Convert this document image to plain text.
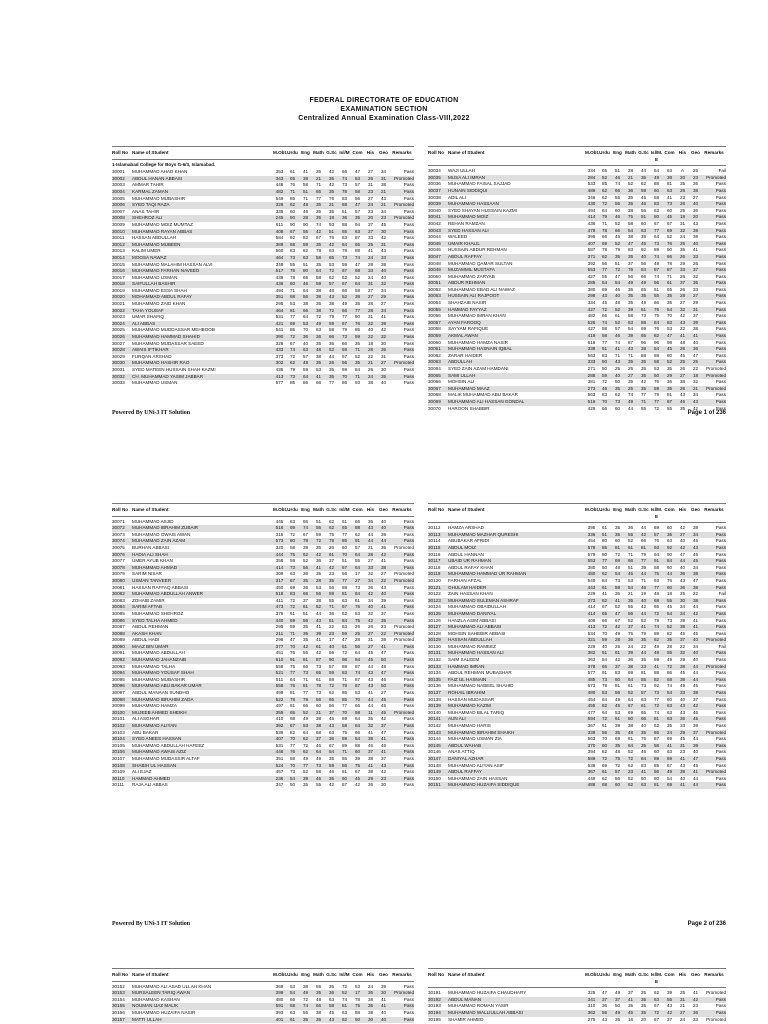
FEDERAL DIRECTORATE OF EDUCATION
EXAMINATION SECTION
Centralized Annual Examination Class-VIII,2022
Roll No Name of Student	M.Obt. Urdu Eng Math G.Sc Isl/M Com His	Geo Remarks
1-Islamabad College for Boys G-6/3, Islamabad.
30001	MUHAMMAD AHAD KHAN	353	61	41	35	42	66	47	27	34	Pass
30002	ABDUL HANAN ABBASI	343	65	38	21	35	74	53	26	31	Promoted
30003	AMMAR TAHIR	446	76	58	71	42	73	57	31	38	Pass
30004	KARMAL ZAMAN	482	71	51	65	35	78	58	23	21	Pass
30005	MUHAMMAD MUBASHIR	549	85	71	77	76	83	56	27	43	Pass
30006	SYED TAQI RAZA	326	62	48	35	21	68	47	24	21	Promoted
30007	ANAS TAHIR	335	60	46	35	35	51	57	23	34	Pass
30008	SHEHROZ ALI	245	50	28	35	18	36	35	20	23	Promoted
30009	MUHAMMAD MOIZ MUMTAZ	611	90	90	74	93	88	94	37	45	Pass
30010	MUHAMMAD RAYAN ABBAS	408	67	55	42	51	65	63	27	30	Pass
30011	HASSAN ABDULLAH	584	92	82	67	76	83	87	33	42	Pass
30012	MUHAMMAD MUBEEN	389	68	59	35	42	64	65	25	31	Pass
30013	KALIM UMER	560	83	82	78	63	78	88	41	43	Pass
30014	MOOSA NAWAZ	464	73	63	58	65	73	74	24	33	Pass
30015	MUHAMMAD MALAHIM HASSAN ALVI	349	55	51	35	53	59	47	28	38	Pass
30016	MUHAMMAD FARHAN NAVEED	517	75	80	64	72	67	68	33	40	Pass
30017	MUHAMMAD USMAN	439	78	65	58	62	62	52	24	40	Pass
30018	SAIFULLAH BASHIR	436	80	46	59	57	67	64	31	32	Pass
30019	MUHAMMAD ESSA SHAH	494	71	64	38	48	66	58	27	34	Pass
30020	MOHAMMAD ABDUL RAFAY	351	68	56	38	43	52	38	27	29	Pass
30021	MUHAMMAD ZAID KHAN	295	53	38	35	38	49	35	28	27	Pass
30022	TAHA YOUSAF	464	81	66	38	72	66	77	28	34	Pass
30023	UMAR SHAFIQ	531	77	64	72	79	77	90	31	41	Pass
30024	ALI ABBAS	421	69	53	49	59	67	76	22	39	Pass
30025	MUHAMMAD MUDDASSAR MEHBOOB	541	85	70	63	58	79	85	40	42	Pass
30026	MUHAMMAD HAMMAD SHAHID	390	72	36	36	66	73	59	22	32	Pass
30027	MUHAMMAD MUDASSAR SAEED	326	67	40	35	35	66	35	18	30	Pass
30028	AWAIS IFTIKHAR	433	74	63	48	52	69	71	28	35	Pass
30029	FURQAN ARSHAD	373	72	57	38	44	57	52	22	31	Pass
30030	MUHAMMAD HASHIR RAO	302	62	48	35	26	56	35	21	27	Promoted
30031	SYED MATEEN HUSSAIN SHAH KAZMI	435	79	59	53	35	69	84	26	30	Pass
30032	CH. MUHAMMAD YASIM JABBAR	413	73	64	41	35	70	71	24	35	Pass
30033	MUHAMMAD USMAN	577	85	86	66	77	86	93	38	40	Pass
Roll No Name of Student	M.Obt. Urdu Eng Math G.Sc Isl/M. E
Com His	Geo Remarks
30034	WAJI ULLAH	334	65	51	28	44	54	63	A	25	Fail
30035	MUSA ALI IMRAN	284	52	46	21	35	49	38	20	23	Promoted
30036	MUHAMMAD FAISAL SAJJAD	533	85	74	52	62	88	81	35	36	Pass
30037	HUNAIN SIDDIQUI	489	62	66	36	59	60	63	25	38	Pass
30038	ADIL ALI	346	62	55	35	45	58	41	23	27	Pass
30039	MUHAMMAD HASSAAN	430	72	55	35	46	83	73	26	40	Pass
30040	SYED SHAYAN HUSSAIN KAZMI	494	64	60	38	56	63	60	25	36	Pass
30041	MUHAMMAD MOIZ	414	79	46	75	51	80	45	18	20	Pass
30042	REHAN RAMZAN	436	71	52	58	60	67	67	31	43	Pass
30043	SYED HASSAN ALI	478	78	66	54	63	77	69	32	39	Pass
30044	WALEED	395	66	45	38	35	64	52	24	38	Pass
30045	UMAIR KHALIL	407	69	52	47	45	73	76	25	40	Pass
30046	HUSSAIN ABDUR REHMAN	587	78	79	83	92	89	90	35	41	Pass
30047	ABDUL RAFFAY	371	62	35	35	40	74	66	26	33	Pass
30048	MUHAMMAD QAMAR SULTAN	392	56	51	37	56	49	78	29	26	Pass
30049	MUZAMMIL MUSTAFA	553	77	72	76	84	87	87	33	37	Pass
30050	MUHAMMAD ZARYAB	427	55	47	56	66	74	71	26	32	Pass
30051	ABDUR REHMAN	285	54	54	49	49	56	61	37	35	Pass
30052	MUHAMMAD EBAD ALI NAWAZ	380	69	46	35	65	61	65	26	33	Pass
30053	HUSSAIN ALI RAJPOOT	298	43	40	35	35	55	35	28	27	Pass
30054	SHAHZAIB NASIR	334	45	48	35	49	66	35	27	29	Pass
30055	HAMMAD FAYYAZ	427	72	52	39	61	76	54	32	31	Pass
30056	MUHAMMAD IMRAN KHAN	482	66	61	58	73	75	70	42	37	Pass
30057	AYAN FAROOQ	526	74	52	63	88	84	83	43	39	Pass
30058	SAYYAM RAFIQUE	427	58	57	54	69	76	53	22	38	Pass
30059	AKMAL AWAN	419	58	46	39	65	82	47	41	41	Pass
30060	MUHAMMAD HAMZA NASIR	616	77	74	87	96	96	98	48	40	Pass
30061	MUHAMMAD HASNAIN IQBAL	338	51	41	43	38	54	45	26	36	Pass
30062	ZARAR HAIDER	563	83	71	71	88	88	80	45	47	Pass
30063	ABDULLAH	333	50	43	35	35	58	52	25	25	Pass
30064	SYED ZAIN AZAM HAMDANI	271	50	25	25	35	53	35	26	22	Promoted
30065	SAMI ULLAH	288	59	40	27	35	50	29	27	18	Promoted
30066	MOHSIN ALI	381	72	50	35	42	76	36	38	32	Pass
30067	MUHAMMAD MAAZ	273	46	35	25	35	59	35	26	21	Promoted
30068	MALIK MUHAMMAD ABU BAKAR	563	83	62	74	77	79	81	43	34	Pass
30069	MUHAMMAD ALI HASSAN GONDAL	516	70	73	49	71	77	87	46	43	Pass
30070	HAROON SHABBIR	429	66	60	44	55	72	55	35	42	Pass
Powered By UNi-3 IT Solution	Page 1 of 236
Roll No Name of Student	M.Obt. Urdu Eng Math G.Sc Isl/M Com His	Geo Remarks
30071	MUHAMMAD ASJID	445	63	66	51	62	61	66	36	40	Pass
30072	MUHAMMAD IBRAHIM ZUBAIR	516	69	74	55	62	65	88	43	40	Pass
30073	MUHAMMAD OWAIS AWAN	315	72	67	59	75	77	62	44	39	Pass
30074	MUHAMMAD ZAIN AZAM	573	80	78	72	78	85	91	44	44	Pass
30075	BURHAN ABBASI	320	58	39	35	26	60	57	21	35	Promoted
30076	HADIA ALI SHAH	444	75	62	42	61	70	64	28	42	Pass
30077	UMER AYUB KHAN	358	59	52	36	37	51	55	27	41	Pass
30078	MUHAMMAD AHMAD	414	73	56	41	42	67	64	33	38	Pass
30079	SARIM NISAR	309	63	36	35	23	56	17	32	27	Promoted
30080	USMAN TANVEER	317	67	35	28	35	77	27	34	22	Promoted
30081	HASSAN RAFFAQ ABBASI	450	69	36	53	56	88	73	36	43	Pass
30082	MUHAMMAD ABDULLAH ANWER	518	83	66	56	59	81	84	42	40	Pass
30083	ZOHAIB ZAMIR	411	72	37	38	55	63	61	34	39	Pass
30084	SARIM AFTAB	473	72	61	52	71	67	75	40	41	Pass
30085	MUHAMMAD SHEHROZ	376	61	51	44	36	62	53	32	37	Pass
30086	SYED TALHA AHMED	440	69	56	43	51	84	75	42	35	Pass
30087	ABDUL REHMAN	295	59	35	41	22	63	26	26	23	Promoted
30088	AKASH KHAN	211	71	35	39	23	59	25	27	22	Promoted
30089	ABDUL HADI	296	47	35	41	17	47	28	31	39	Promoted
30090	MAAZ BIN UMAR	377	70	42	61	40	51	56	27	41	Pass
30091	MUHAMMAD ABDULLAH	451	75	55	42	56	72	64	45	47	Pass
30092	MUHAMMAD JAHANZAIB	610	91	81	87	90	98	94	45	50	Pass
30093	MUHAMMAD TALHA	558	75	66	73	57	88	87	44	48	Pass
30094	MUHAMMAD YOUSAF SHAH	521	77	73	65	59	83	74	43	47	Pass
30095	MUHAMMAD MUBASHIR	511	64	71	61	68	71	87	43	46	Pass
30096	MUHAMMAD ABU BAKAR UMAR	558	76	81	78	72	79	67	43	50	Pass
30097	ABDUL MANAAN SUNDHO	499	81	77	73	62	85	53	41	27	Pass
30098	MUHAMMAD IBRAHIM ZADA	522	78	79	56	65	85	70	44	45	Pass
30099	MUHAMMAD HAMZA	497	81	66	60	56	77	66	44	45	Pass
30100	MUJEEB AHMED SHEIKH	359	65	52	21	37	70	58	11	45	Promoted
30101	ALI ASGHAR	410	68	49	38	45	69	64	35	42	Pass
30102	MUHAMMAD ALIYAN	392	67	53	38	43	58	64	32	37	Pass
30103	ABU BAKAR	536	82	64	68	63	75	66	41	47	Pass
30104	SYED ANEES HASSAN	407	70	62	37	36	69	54	38	41	Pass
30105	MUHAMMAD ABDULLAH HAFEEZ	531	77	72	46	67	89	88	46	46	Pass
30106	MUHAMMAD AWAIS AZIZ	446	76	62	64	54	71	60	37	41	Pass
30107	MUHAMMAD MUDASSIR ALTAF	351	58	49	49	35	55	39	38	37	Pass
30108	SHABIH UL HASSAN	524	70	77	73	59	86	75	41	43	Pass
30109	ALI EJAZ	457	73	52	58	46	81	67	38	42	Pass
30110	HAMMAD AHMED	236	54	39	45	35	60	45	29	23	Pass
30111	RAJA ALI ABBAS	347	50	35	55	42	57	42	36	30	Pass
Roll No Name of Student	M.Obt. Urdu Eng Math G.Sc Isl/M. E
Com His	Geo Remarks
30112	HAMZA ARSHAD	395	61	35	36	44	69	60	42	38	Pass
30113	MUHAMMAD MAZHAR QURESHI	336	51	35	55	42	57	35	27	34	Pass
30114	ABUBAKAR AFRIDI	454	60	60	52	66	76	63	40	45	Pass
30115	ABDUL MOIZ	578	85	81	61	81	93	92	42	43	Pass
30116	ABDUL HANNAN	579	80	72	71	79	94	90	47	45	Pass
30117	UBAID UR RAHMAN	553	77	69	66	77	91	84	44	45	Pass
30118	ABDUL RAFAY KHAN	380	50	48	51	39	58	60	40	34	Pass
30119	MUHAMMAD HAMMAD UR RAHMAN	480	62	54	45	44	75	44	36	38	Pass
30120	FARHAN AFZAL	540	84	73	53	71	93	76	43	47	Pass
30121	GHULAM HAIDER	443	61	59	54	46	77	60	36	38	Pass
30122	ZAIN HASSAN KHAN	229	41	35	21	19	48	18	25	22	Fail
30123	MUHAMMAD SULEMAN ASHRAF	373	62	41	35	40	68	55	30	38	Pass
30124	MUHAMMAD OBAIDULLAH	414	67	52	55	42	65	45	34	44	Pass
30125	MUHAMMAD DANIYAL	414	65	47	56	44	72	54	34	42	Pass
30126	HANZLA ASIM ABBASI	408	66	67	52	52	78	73	39	41	Pass
30127	MUHAMMAD ALI ABBASI	413	72	42	37	41	74	52	38	41	Pass
30128	MOHSIN SAHEBIR ABBASI	534	70	49	75	79	89	82	45	45	Pass
30129	HASSAN ABDULLAH	321	59	28	36	35	62	35	37	40	Promoted
30130	MUHAMMAD RAMEEZ	229	40	25	24	22	49	28	22	34	Fail
30131	MUHAMMAD HASSAN ALI	382	51	61	39	44	49	55	32	40	Pass
30132	SAIM SALEEM	363	54	42	36	35	59	49	29	40	Pass
30133	HAMMAD IMRAN	378	65	37	38	23	41	72	38	44	Promoted
30134	ABDUL REHMAN MUBASHAR	577	91	83	69	81	88	86	45	44	Pass
30135	FAIZ UL HASNAIN	485	73	60	64	55	82	68	39	44	Pass
30136	MUHAMMAD NABEEL SHAHID	573	78	81	61	73	92	74	49	45	Pass
30137	ROHAIL IBRAHIM	480	53	56	52	57	73	54	33	38	Pass
30138	HASSAN MUDASSAR	454	64	49	64	63	77	60	40	37	Pass
30139	MUHAMMAD KAZIM	455	62	45	67	61	72	63	43	42	Pass
30140	MUHAMMAD BILAL TARIQ	477	64	53	69	65	74	63	43	46	Pass
30141	AUN ALI	594	72	61	80	66	81	63	35	45	Pass
30142	MUHAMMAD HARIS	367	61	39	38	40	62	35	33	39	Pass
30143	MUHAMMAD IBRAHIM SHAIKH	339	56	35	48	35	65	24	29	37	Promoted
30144	MUHAMMAD USMAN ZIA	563	70	69	81	76	87	69	45	44	Pass
30145	ABDUL WAHAB	370	60	35	64	35	58	41	31	39	Pass
30146	ANAS ATTIQ	394	62	48	52	46	60	63	23	40	Pass
30147	DANIYAL AZHAR	589	72	75	72	84	89	69	41	47	Pass
30148	MUHAMMAD ALIYAN ASIF	538	69	72	62	83	85	67	43	45	Pass
30149	ABDUL RAFFAY	367	61	57	23	41	56	49	39	41	Promoted
30150	MUHAMMAD ZAIN HASSAN	449	62	56	52	60	80	54	40	44	Pass
30151	MUHAMMAD HUZAIFA SIDDIQUE	488	68	60	62	63	81	69	41	44	Pass
Powered By UNi-3 IT Solution	Page 2 of 236
Roll No Name of Student	M.Obt. Urdu Eng Math G.Sc Isl/M Com His	Geo Remarks
30152	MUHAMMAD ALI ASAD ULLAH KHAN	369	53	38	55	35	72	53	24	39	Pass
30153	MURSALEEN TARIQ AWAN	399	54	49	35	36	52	17	36	30	Promoted
30154	MUHAMMAD KASHAN	480	66	72	48	63	74	78	38	41	Pass
30155	NOUMAN IJAZ MALIK	591	68	74	66	58	81	75	36	41	Pass
30156	MUHAMMAD HUZAIFA NASIR	393	63	55	38	45	63	58	38	40	Pass
30157	MATTI ULLAH	401	61	35	35	43	62	50	30	40	Pass
Roll No Name of Student	M.Obt. Urdu Eng Math G.Sc Isl/M. E
Com His	Geo Remarks
30191	MUHAMMAD HUZAIFA CHAUDHARY	325	47	49	37	25	62	39	25	41	Promoted
30192	ABDUL MANAN	341	37	37	41	35	63	55	31	42	Pass
30193	MUHAMMAD ROMAN YASIR	310	36	50	35	35	67	43	21	23	Pass
30194	MUHAMMAD WALLIULLAH ABBASI	362	56	49	45	35	72	42	27	36	Pass
30195	SHAMIR AHMED	275	43	35	16	20	67	37	24	33	Promoted
